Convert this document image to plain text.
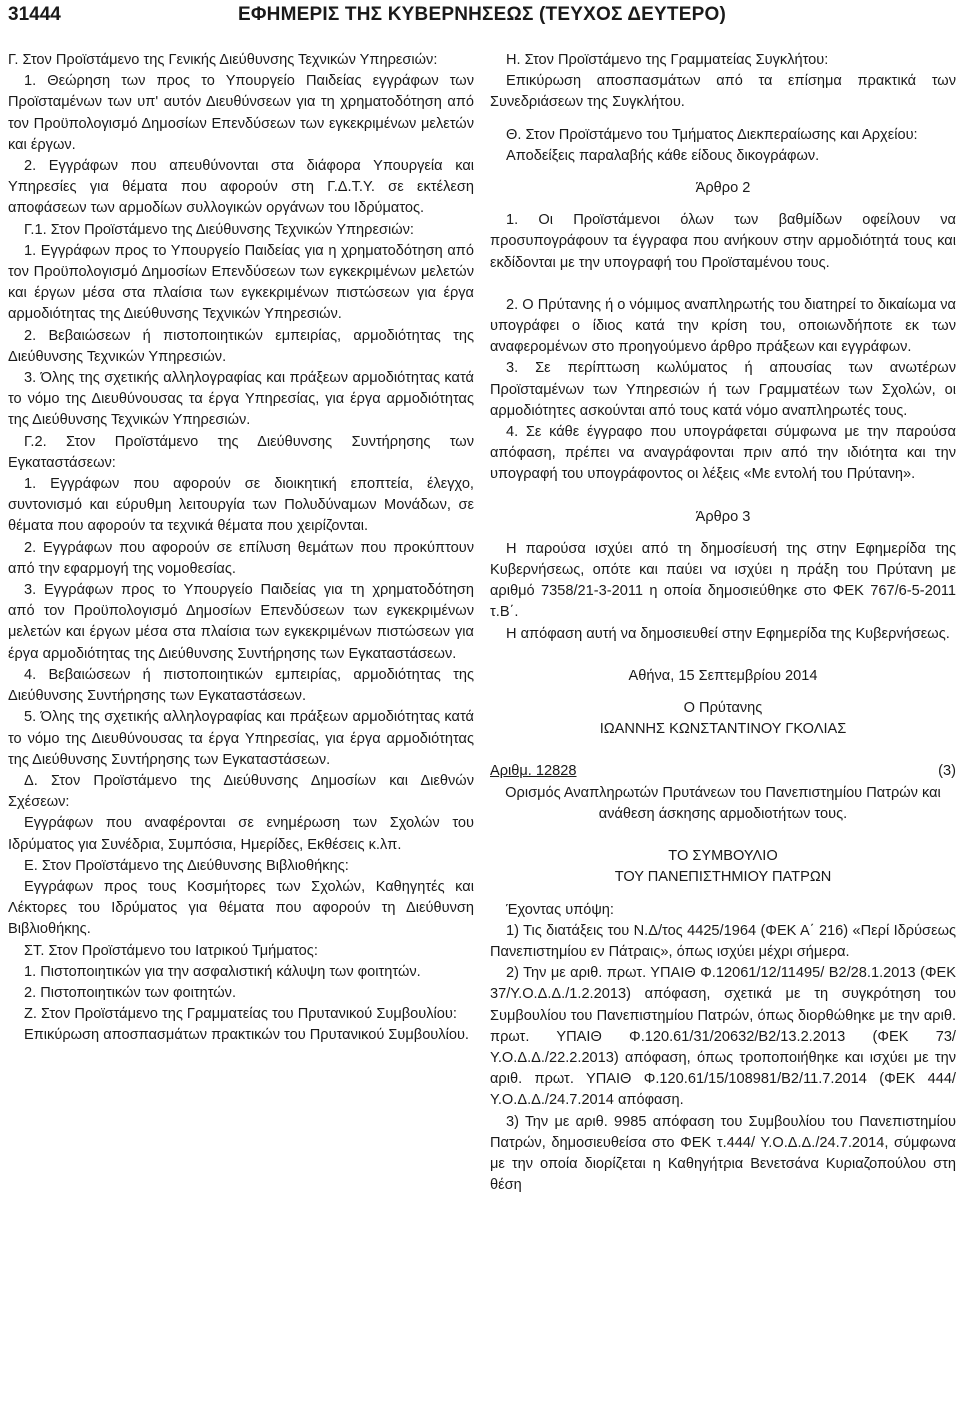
31444	ΕΦΗΜΕΡΙΣ ΤΗΣ ΚΥΒΕΡΝΗΣΕΩΣ (ΤΕΥΧΟΣ ΔΕΥΤΕΡΟ)

Γ. Στον Προϊστάμενο της Γενικής Διεύθυνσης Τεχνικών Υπηρεσιών:

1. Θεώρηση των προς το Υπουργείο Παιδείας εγγράφων των Προϊσταμένων των υπ' αυτόν Διευθύνσεων για τη χρηματοδότηση από τον Προϋπολογισμό Δημοσίων Επενδύσεων των εγκεκριμένων μελετών και έργων.

2. Εγγράφων που απευθύνονται στα διάφορα Υπουργεία και Υπηρεσίες για θέματα που αφορούν στη Γ.Δ.Τ.Υ. σε εκτέλεση αποφάσεων των αρμοδίων συλλογικών οργάνων του Ιδρύματος.

Γ.1. Στον Προϊστάμενο της Διεύθυνσης Τεχνικών Υπηρεσιών:

1. Εγγράφων προς το Υπουργείο Παιδείας για η χρηματοδότηση από τον Προϋπολογισμό Δημοσίων Επενδύσεων των εγκεκριμένων μελετών και έργων μέσα στα πλαίσια των εγκεκριμένων πιστώσεων για έργα αρμοδιότητας της Διεύθυνσης Τεχνικών Υπηρεσιών.

2. Βεβαιώσεων ή πιστοποιητικών εμπειρίας, αρμοδιότητας της Διεύθυνσης Τεχνικών Υπηρεσιών.

3. Όλης της σχετικής αλληλογραφίας και πράξεων αρμοδιότητας κατά το νόμο της Διευθύνουσας τα έργα Υπηρεσίας, για έργα αρμοδιότητας της Διεύθυνσης Τεχνικών Υπηρεσιών.

Γ.2. Στον Προϊστάμενο της Διεύθυνσης Συντήρησης των Εγκαταστάσεων:

1. Εγγράφων που αφορούν σε διοικητική εποπτεία, έλεγχο, συντονισμό και εύρυθμη λειτουργία των Πολυδύναμων Μονάδων, σε θέματα που αφορούν τα τεχνικά θέματα που χειρίζονται.

2. Εγγράφων που αφορούν σε επίλυση θεμάτων που προκύπτουν από την εφαρμογή της νομοθεσίας.

3. Εγγράφων προς το Υπουργείο Παιδείας για τη χρηματοδότηση από τον Προϋπολογισμό Δημοσίων Επενδύσεων των εγκεκριμένων μελετών και έργων μέσα στα πλαίσια των εγκεκριμένων πιστώσεων για έργα αρμοδιότητας της Διεύθυνσης Συντήρησης των Εγκαταστάσεων.

4. Βεβαιώσεων ή πιστοποιητικών εμπειρίας, αρμοδιότητας της Διεύθυνσης Συντήρησης των Εγκαταστάσεων.

5. Όλης της σχετικής αλληλογραφίας και πράξεων αρμοδιότητας κατά το νόμο της Διευθύνουσας τα έργα Υπηρεσίας, για έργα αρμοδιότητας της Διεύθυνσης Συντήρησης των Εγκαταστάσεων.

Δ. Στον Προϊστάμενο της Διεύθυνσης Δημοσίων και Διεθνών Σχέσεων:

Εγγράφων που αναφέρονται σε ενημέρωση των Σχολών του Ιδρύματος για Συνέδρια, Συμπόσια, Ημερίδες, Εκθέσεις κ.λπ.

Ε. Στον Προϊστάμενο της Διεύθυνσης Βιβλιοθήκης:

Εγγράφων προς τους Κοσμήτορες των Σχολών, Καθηγητές και Λέκτορες του Ιδρύματος για θέματα που αφορούν τη Διεύθυνση Βιβλιοθήκης.

ΣΤ. Στον Προϊστάμενο του Ιατρικού Τμήματος:

1. Πιστοποιητικών για την ασφαλιστική κάλυψη των φοιτητών.

2. Πιστοποιητικών των φοιτητών.

Ζ. Στον Προϊστάμενο της Γραμματείας του Πρυτανικού Συμβουλίου:

Επικύρωση αποσπασμάτων πρακτικών του Πρυτανικού Συμβουλίου.

Η. Στον Προϊστάμενο της Γραμματείας Συγκλήτου:

Επικύρωση αποσπασμάτων από τα επίσημα πρακτικά των Συνεδριάσεων της Συγκλήτου.

Θ. Στον Προϊστάμενο του Τμήματος Διεκπεραίωσης και Αρχείου:

Αποδείξεις παραλαβής κάθε είδους δικογράφων.

Άρθρο 2

1. Οι Προϊστάμενοι όλων των βαθμίδων οφείλουν να προσυπογράφουν τα έγγραφα που ανήκουν στην αρμοδιότητά τους και εκδίδονται με την υπογραφή του Προϊσταμένου τους.

2. Ο Πρύτανης ή ο νόμιμος αναπληρωτής του διατηρεί το δικαίωμα να υπογράφει ο ίδιος κατά την κρίση του, οποιωνδήποτε εκ των αναφερομένων στο προηγούμενο άρθρο πράξεων και εγγράφων.

3. Σε περίπτωση κωλύματος ή απουσίας των ανωτέρων Προϊσταμένων των Υπηρεσιών ή των Γραμματέων των Σχολών, οι αρμοδιότητες ασκούνται από τους κατά νόμο αναπληρωτές τους.

4. Σε κάθε έγγραφο που υπογράφεται σύμφωνα με την παρούσα απόφαση, πρέπει να αναγράφονται πριν από την ιδιότητα και την υπογραφή του υπογράφοντος οι λέξεις «Με εντολή του Πρύτανη».

Άρθρο 3

Η παρούσα ισχύει από τη δημοσίευσή της στην Εφημερίδα της Κυβερνήσεως, οπότε και παύει να ισχύει η πράξη του Πρύτανη με αριθμό 7358/21-3-2011 η οποία δημοσιεύθηκε στο ΦΕΚ 767/6-5-2011 τ.Β΄.

Η απόφαση αυτή να δημοσιευθεί στην Εφημερίδα της Κυβερνήσεως.

Αθήνα, 15 Σεπτεμβρίου 2014

Ο Πρύτανης

ΙΩΑΝΝΗΣ ΚΩΝΣΤΑΝΤΙΝΟΥ ΓΚΟΛΙΑΣ

Αριθμ. 12828	(3)

Ορισμός Αναπληρωτών Πρυτάνεων του Πανεπιστημίου Πατρών και ανάθεση άσκησης αρμοδιοτήτων τους.

ΤΟ ΣΥΜΒΟΥΛΙΟ

ΤΟΥ ΠΑΝΕΠΙΣΤΗΜΙΟΥ ΠΑΤΡΩΝ

Έχοντας υπόψη:

1) Τις διατάξεις του Ν.Δ/τος 4425/1964 (ΦΕΚ Α΄ 216) «Περί Ιδρύσεως Πανεπιστημίου εν Πάτραις», όπως ισχύει μέχρι σήμερα.

2) Την με αριθ. πρωτ. ΥΠΑΙΘ Φ.12061/12/11495/ Β2/28.1.2013 (ΦΕΚ 37/Υ.Ο.Δ.Δ./1.2.2013) απόφαση, σχετικά με τη συγκρότηση του Συμβουλίου του Πανεπιστημίου Πατρών, όπως διορθώθηκε με την αριθ. πρωτ. ΥΠΑΙΘ Φ.120.61/31/20632/Β2/13.2.2013 (ΦΕΚ 73/Υ.Ο.Δ.Δ./22.2.2013) απόφαση, όπως τροποποιήθηκε και ισχύει με την αριθ. πρωτ. ΥΠΑΙΘ Φ.120.61/15/108981/Β2/11.7.2014 (ΦΕΚ 444/Υ.Ο.Δ.Δ./24.7.2014 απόφαση.

3) Την με αριθ. 9985 απόφαση του Συμβουλίου του Πανεπιστημίου Πατρών, δημοσιευθείσα στο ΦΕΚ τ.444/ Υ.Ο.Δ.Δ./24.7.2014, σύμφωνα με την οποία διορίζεται η Καθηγήτρια Βενετσάνα Κυριαζοπούλου στη θέση
